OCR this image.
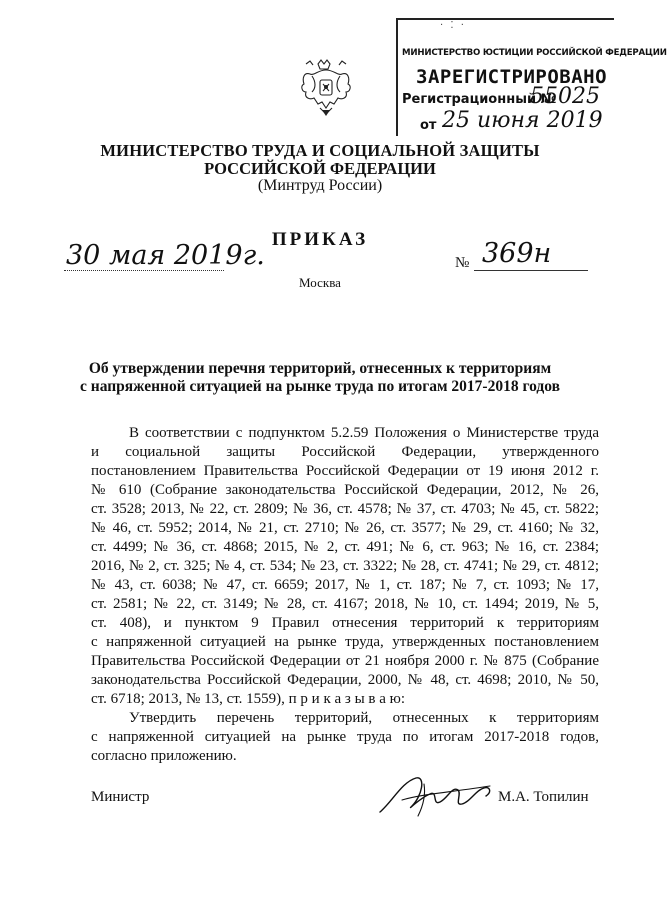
· ⁚ ·
МИНИСТЕРСТВО ЮСТИЦИИ РОССИЙСКОЙ ФЕДЕРАЦИИ
ЗАРЕГИСТРИРОВАНО
Регистрационный №
55025
от 25 июня 2019
МИНИСТЕРСТВО ТРУДА И СОЦИАЛЬНОЙ ЗАЩИТЫ
РОССИЙСКОЙ ФЕДЕРАЦИИ
(Минтруд России)
ПРИКАЗ
30 мая 2019г.	№ 369н
Москва
Об утверждении перечня территорий, отнесенных к территориям
с напряженной ситуацией на рынке труда по итогам 2017-2018 годов
В соответствии с подпунктом 5.2.59 Положения о Министерстве труда
и социальной защиты Российской Федерации, утвержденного
постановлением Правительства Российской Федерации от 19 июня 2012 г.
№ 610 (Собрание законодательства Российской Федерации, 2012, № 26,
ст. 3528; 2013, № 22, ст. 2809; № 36, ст. 4578; № 37, ст. 4703; № 45, ст. 5822;
№ 46, ст. 5952; 2014, № 21, ст. 2710; № 26, ст. 3577; № 29, ст. 4160; № 32,
ст. 4499; № 36, ст. 4868; 2015, № 2, ст. 491; № 6, ст. 963; № 16, ст. 2384;
2016, № 2, ст. 325; № 4, ст. 534; № 23, ст. 3322; № 28, ст. 4741; № 29, ст. 4812;
№ 43, ст. 6038; № 47, ст. 6659; 2017, № 1, ст. 187; № 7, ст. 1093; № 17,
ст. 2581; № 22, ст. 3149; № 28, ст. 4167; 2018, № 10, ст. 1494; 2019, № 5,
ст. 408), и пунктом 9 Правил отнесения территорий к территориям
с напряженной ситуацией на рынке труда, утвержденных постановлением
Правительства Российской Федерации от 21 ноября 2000 г. № 875 (Собрание
законодательства Российской Федерации, 2000, № 48, ст. 4698; 2010, № 50,
ст. 6718; 2013, № 13, ст. 1559), п р и к а з ы в а ю:
Утвердить перечень территорий, отнесенных к территориям
с напряженной ситуацией на рынке труда по итогам 2017-2018 годов,
согласно приложению.
Министр	М.А. Топилин
